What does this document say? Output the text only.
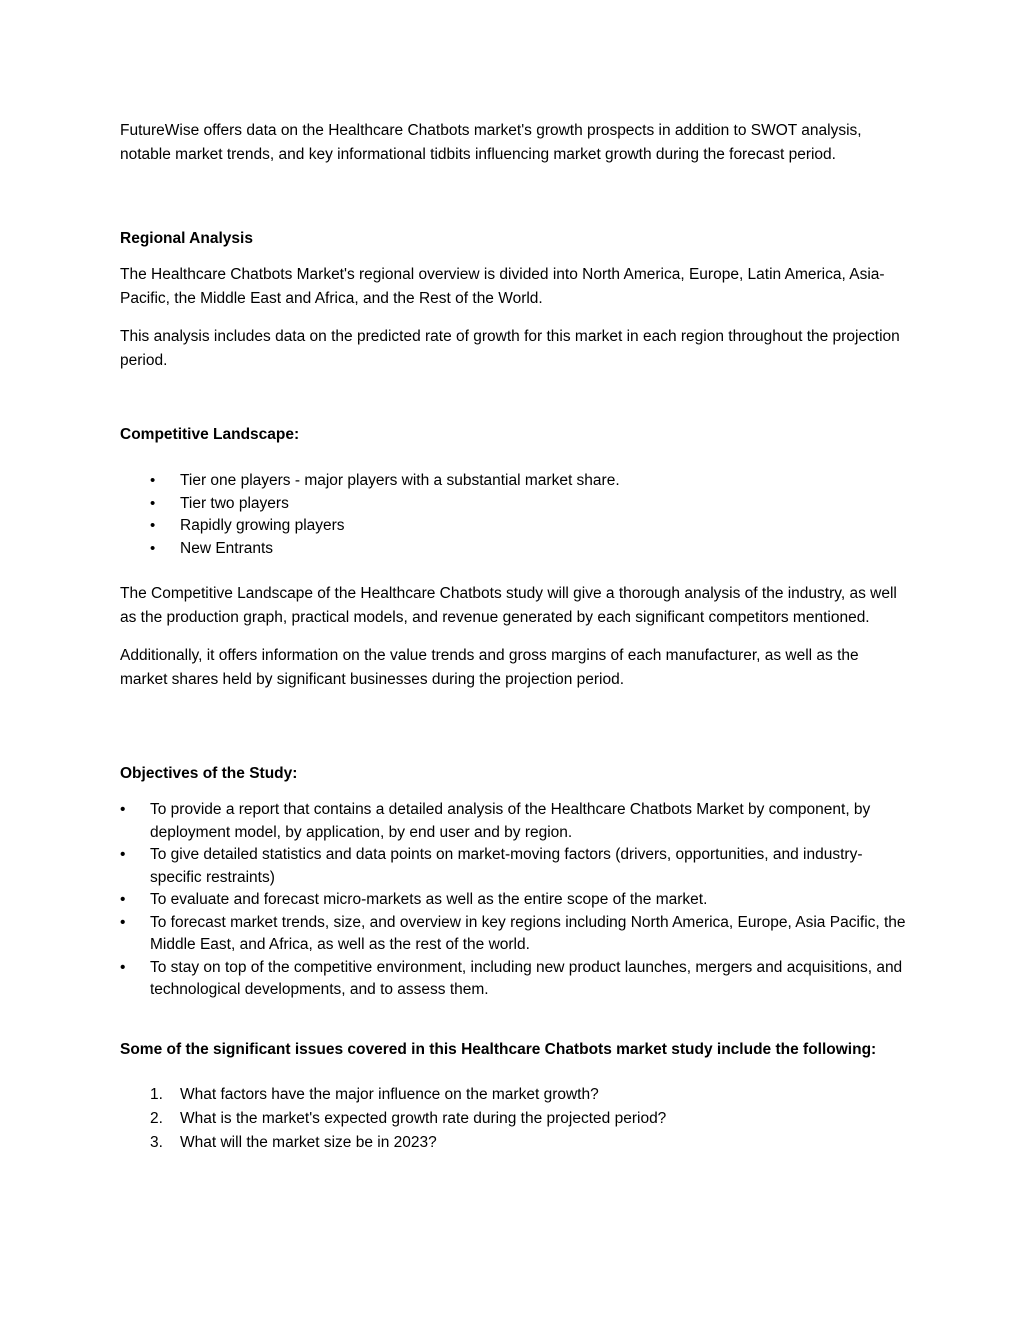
FutureWise offers data on the Healthcare Chatbots market's growth prospects in addition to SWOT analysis, notable market trends, and key informational tidbits influencing market growth during the forecast period.

Regional Analysis

The Healthcare Chatbots Market's regional overview is divided into North America, Europe, Latin America, Asia-Pacific, the Middle East and Africa, and the Rest of the World.

This analysis includes data on the predicted rate of growth for this market in each region throughout the projection period.

Competitive Landscape:

• Tier one players - major players with a substantial market share.
• Tier two players
• Rapidly growing players
• New Entrants

The Competitive Landscape of the Healthcare Chatbots study will give a thorough analysis of the industry, as well as the production graph, practical models, and revenue generated by each significant competitors mentioned.

Additionally, it offers information on the value trends and gross margins of each manufacturer, as well as the market shares held by significant businesses during the projection period.

Objectives of the Study:

• To provide a report that contains a detailed analysis of the Healthcare Chatbots Market by component, by deployment model, by application, by end user and by region.
• To give detailed statistics and data points on market-moving factors (drivers, opportunities, and industry-specific restraints)
• To evaluate and forecast micro-markets as well as the entire scope of the market.
• To forecast market trends, size, and overview in key regions including North America, Europe, Asia Pacific, the Middle East, and Africa, as well as the rest of the world.
• To stay on top of the competitive environment, including new product launches, mergers and acquisitions, and technological developments, and to assess them.

Some of the significant issues covered in this Healthcare Chatbots market study include the following:

1. What factors have the major influence on the market growth?
2. What is the market's expected growth rate during the projected period?
3. What will the market size be in 2023?
